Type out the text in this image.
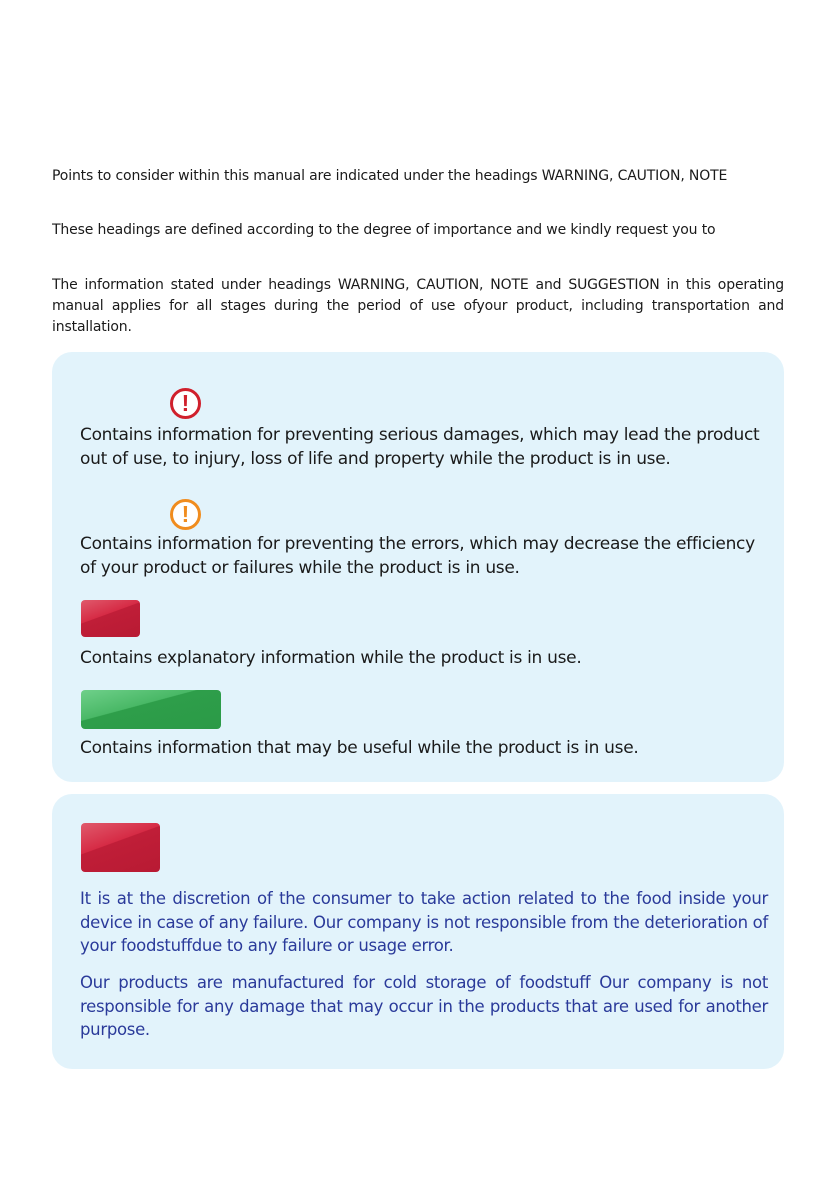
Points to consider within this manual are indicated under the headings WARNING, CAUTION, NOTE

These headings are defined according to the degree of importance and we kindly request you to

The information stated under headings WARNING, CAUTION, NOTE and SUGGESTION in this operating manual applies for all stages during the period of use ofyour product, including transportation and installation.

!

Contains information for preventing serious damages, which may lead the product out of use, to injury, loss of life and property while the product is in use.

!

Contains information for preventing the errors, which may decrease the efficiency of your product or failures while the product is in use.

Contains explanatory information while the product is in use.

Contains information that may be useful while the product is in use.

It is at the discretion of the consumer to take action related to the food inside your device in case of any failure. Our company is not responsible from the deterioration of your foodstuffdue to any failure or usage error.

Our products are manufactured for cold storage of foodstuff Our company is not responsible for any damage that may occur in the products that are used for another purpose.
